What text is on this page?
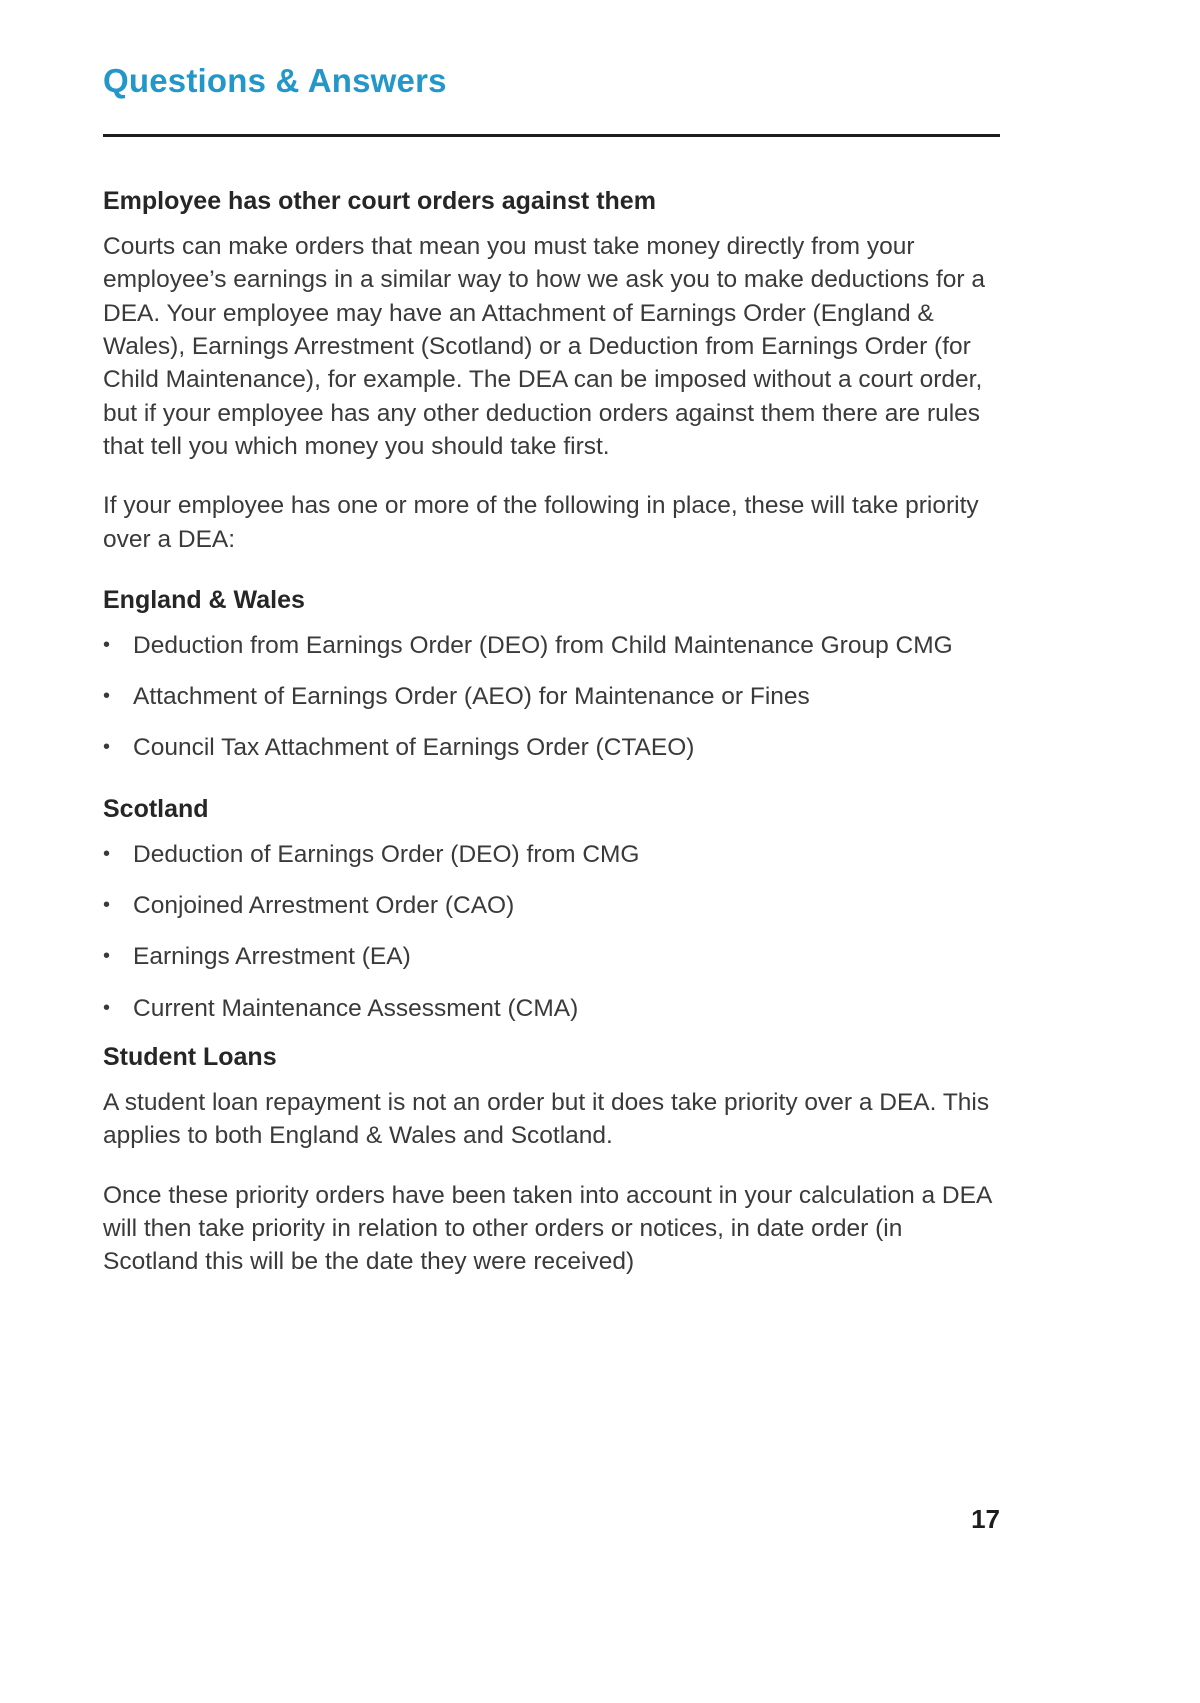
Questions & Answers
Employee has other court orders against them

Courts can make orders that mean you must take money directly from your employee’s earnings in a similar way to how we ask you to make deductions for a DEA. Your employee may have an Attachment of Earnings Order (England & Wales), Earnings Arrestment (Scotland) or a Deduction from Earnings Order (for Child Maintenance), for example. The DEA can be imposed without a court order, but if your employee has any other deduction orders against them there are rules that tell you which money you should take first.

If your employee has one or more of the following in place, these will take priority over a DEA:

England & Wales
• Deduction from Earnings Order (DEO) from Child Maintenance Group CMG
• Attachment of Earnings Order (AEO) for Maintenance or Fines
• Council Tax Attachment of Earnings Order (CTAEO)
Scotland
• Deduction of Earnings Order (DEO) from CMG
• Conjoined Arrestment Order (CAO)
• Earnings Arrestment (EA)
• Current Maintenance Assessment (CMA)
Student Loans

A student loan repayment is not an order but it does take priority over a DEA. This applies to both England & Wales and Scotland.

Once these priority orders have been taken into account in your calculation a DEA will then take priority in relation to other orders or notices, in date order (in Scotland this will be the date they were received)

17
